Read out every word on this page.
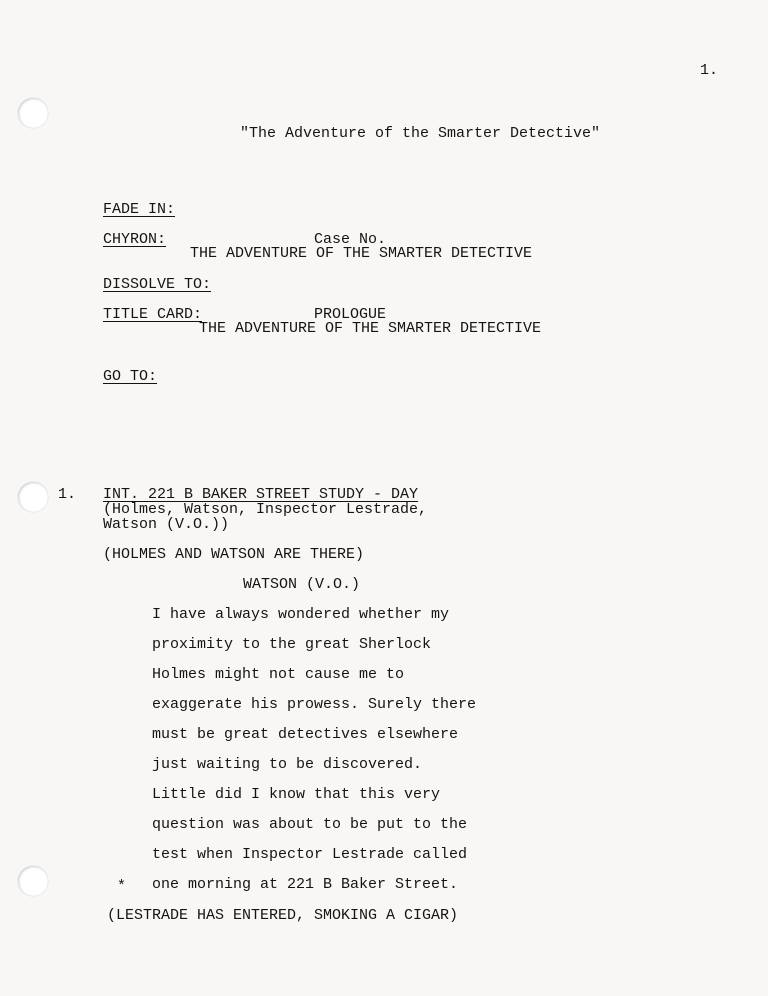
1.
"The Adventure of the Smarter Detective"
FADE IN:
CHYRON:	Case No.
THE ADVENTURE OF THE SMARTER DETECTIVE
DISSOLVE TO:
TITLE CARD:	PROLOGUE
THE ADVENTURE OF THE SMARTER DETECTIVE
GO TO:
1. INT. 221 B BAKER STREET STUDY - DAY
(Holmes, Watson, Inspector Lestrade,
Watson (V.O.))
(HOLMES AND WATSON ARE THERE)
WATSON (V.O.)
I have always wondered whether my
proximity to the great Sherlock
Holmes might not cause me to
exaggerate his prowess. Surely there
must be great detectives elsewhere
just waiting to be discovered.
Little did I know that this very
question was about to be put to the
test when Inspector Lestrade called
one morning at 221 B Baker Street.
*
(LESTRADE HAS ENTERED, SMOKING A CIGAR)
